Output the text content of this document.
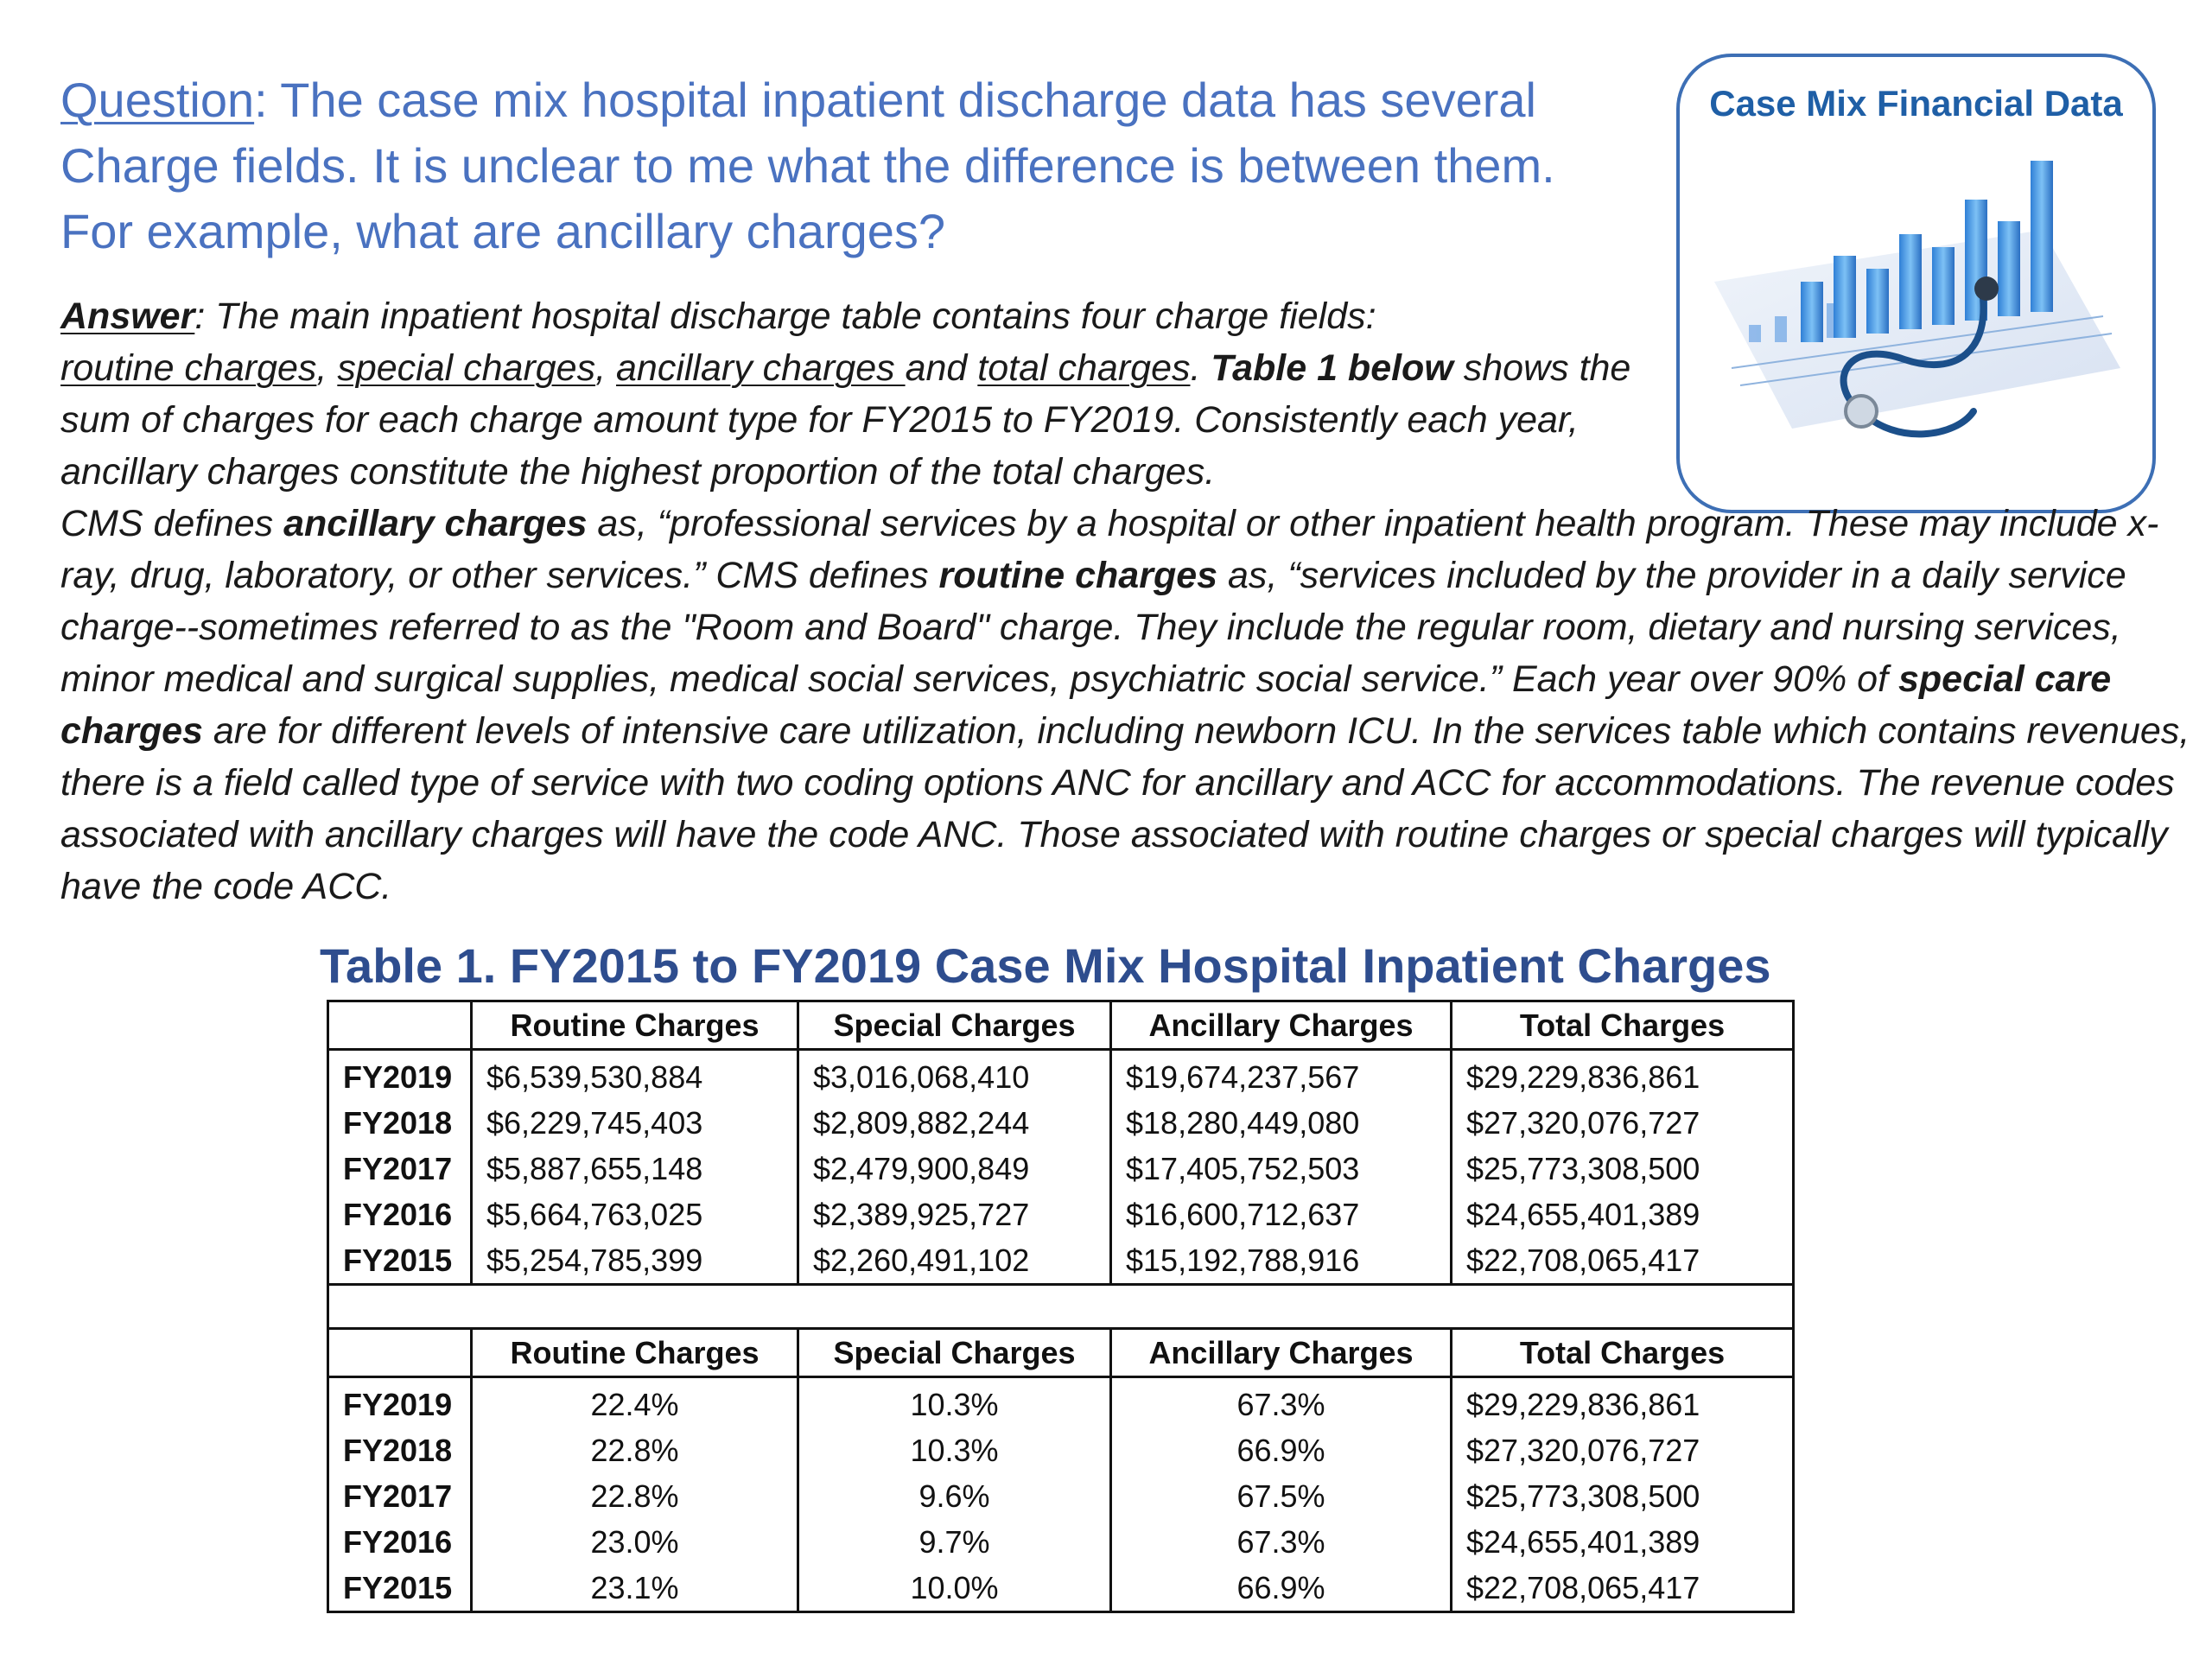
Question: The case mix hospital inpatient discharge data has several Charge fields. It is unclear to me what the difference is between them. For example, what are ancillary charges?
Case Mix Financial Data

Answer: The main inpatient hospital discharge table contains four charge fields:
routine charges, special charges, ancillary charges and total charges. Table 1 below shows the sum of charges for each charge amount type for FY2015 to FY2019. Consistently each year, ancillary charges constitute the highest proportion of the total charges.
CMS defines ancillary charges as, “professional services by a hospital or other inpatient health program. These may include x-ray, drug, laboratory, or other services.” CMS defines routine charges as, “services included by the provider in a daily service charge--sometimes referred to as the "Room and Board" charge. They include the regular room, dietary and nursing services, minor medical and surgical supplies, medical social services, psychiatric social service.” Each year over 90% of special care charges are for different levels of intensive care utilization, including newborn ICU. In the services table which contains revenues, there is a field called type of service with two coding options ANC for ancillary and ACC for accommodations. The revenue codes associated with ancillary charges will have the code ANC. Those associated with routine charges or special charges will typically have the code ACC.

Table 1. FY2015 to FY2019 Case Mix Hospital Inpatient Charges
	Routine Charges	Special Charges	Ancillary Charges	Total Charges
FY2019	$6,539,530,884	$3,016,068,410	$19,674,237,567	$29,229,836,861
FY2018	$6,229,745,403	$2,809,882,244	$18,280,449,080	$27,320,076,727
FY2017	$5,887,655,148	$2,479,900,849	$17,405,752,503	$25,773,308,500
FY2016	$5,664,763,025	$2,389,925,727	$16,600,712,637	$24,655,401,389
FY2015	$5,254,785,399	$2,260,491,102	$15,192,788,916	$22,708,065,417

	Routine Charges	Special Charges	Ancillary Charges	Total Charges
FY2019	22.4%	10.3%	67.3%	$29,229,836,861
FY2018	22.8%	10.3%	66.9%	$27,320,076,727
FY2017	22.8%	9.6%	67.5%	$25,773,308,500
FY2016	23.0%	9.7%	67.3%	$24,655,401,389
FY2015	23.1%	10.0%	66.9%	$22,708,065,417
